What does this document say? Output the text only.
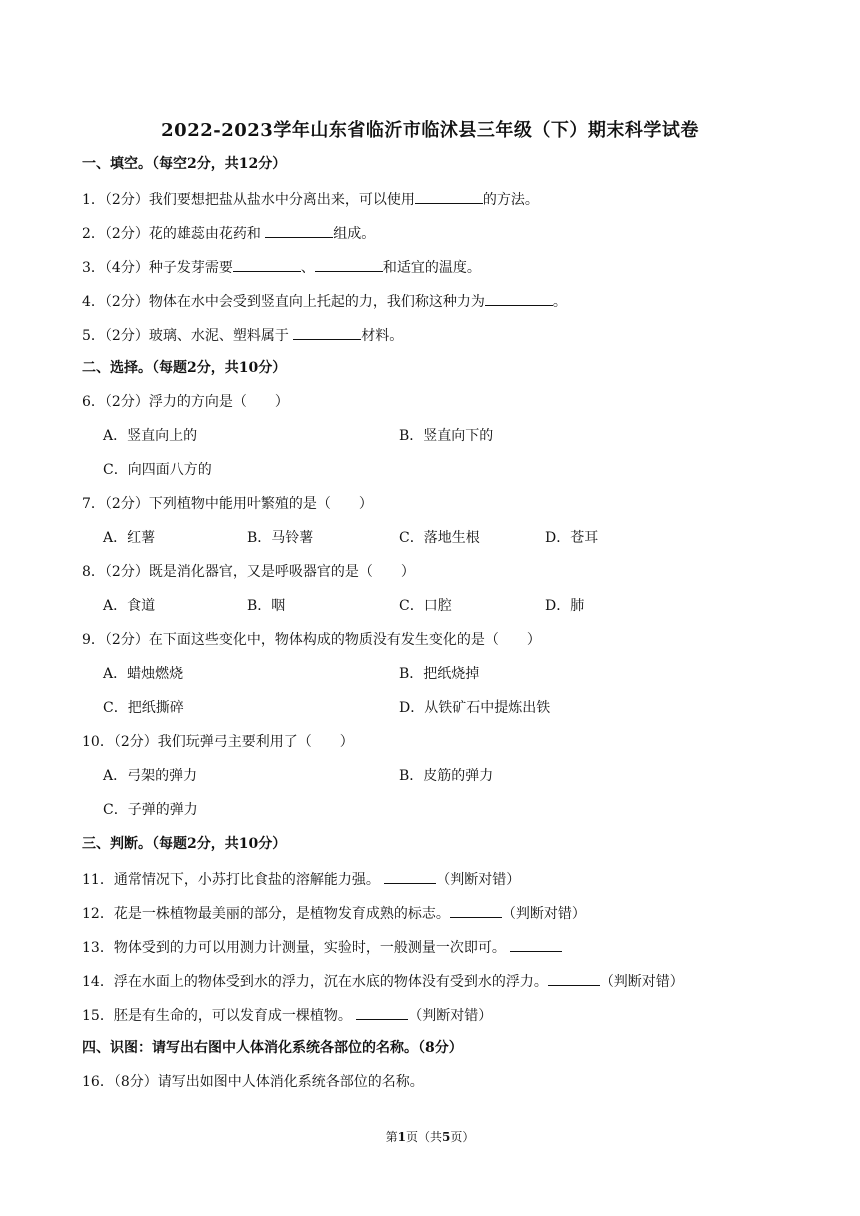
2022-2023学年山东省临沂市临沭县三年级（下）期末科学试卷
一、填空。（每空2分，共12分）
1．（2分）我们要想把盐从盐水中分离出来，可以使用	的方法。
2．（2分）花的雄蕊由花药和	组成。
3．（4分）种子发芽需要	、	和适宜的温度。
4．（2分）物体在水中会受到竖直向上托起的力，我们称这种力为	。
5．（2分）玻璃、水泥、塑料属于	材料。
二、选择。（每题2分，共10分）
6．（2分）浮力的方向是（　　）
A．竖直向上的	B．竖直向下的
C．向四面八方的
7．（2分）下列植物中能用叶繁殖的是（　　）
A．红薯	B．马铃薯	C．落地生根	D．苍耳
8．（2分）既是消化器官，又是呼吸器官的是（　　）
A．食道	B．咽	C．口腔	D．肺
9．（2分）在下面这些变化中，物体构成的物质没有发生变化的是（　　）
A．蜡烛燃烧	B．把纸烧掉
C．把纸撕碎	D．从铁矿石中提炼出铁
10．（2分）我们玩弹弓主要利用了（　　）
A．弓架的弹力	B．皮筋的弹力
C．子弹的弹力
三、判断。（每题2分，共10分）
11．通常情况下，小苏打比食盐的溶解能力强。	（判断对错）
12．花是一株植物最美丽的部分，是植物发育成熟的标志。	（判断对错）
13．物体受到的力可以用测力计测量，实验时，一般测量一次即可。
14．浮在水面上的物体受到水的浮力，沉在水底的物体没有受到水的浮力。	（判断对错）
15．胚是有生命的，可以发育成一棵植物。	（判断对错）
四、识图：请写出右图中人体消化系统各部位的名称。（8分）
16．（8分）请写出如图中人体消化系统各部位的名称。
第1页（共5页）
